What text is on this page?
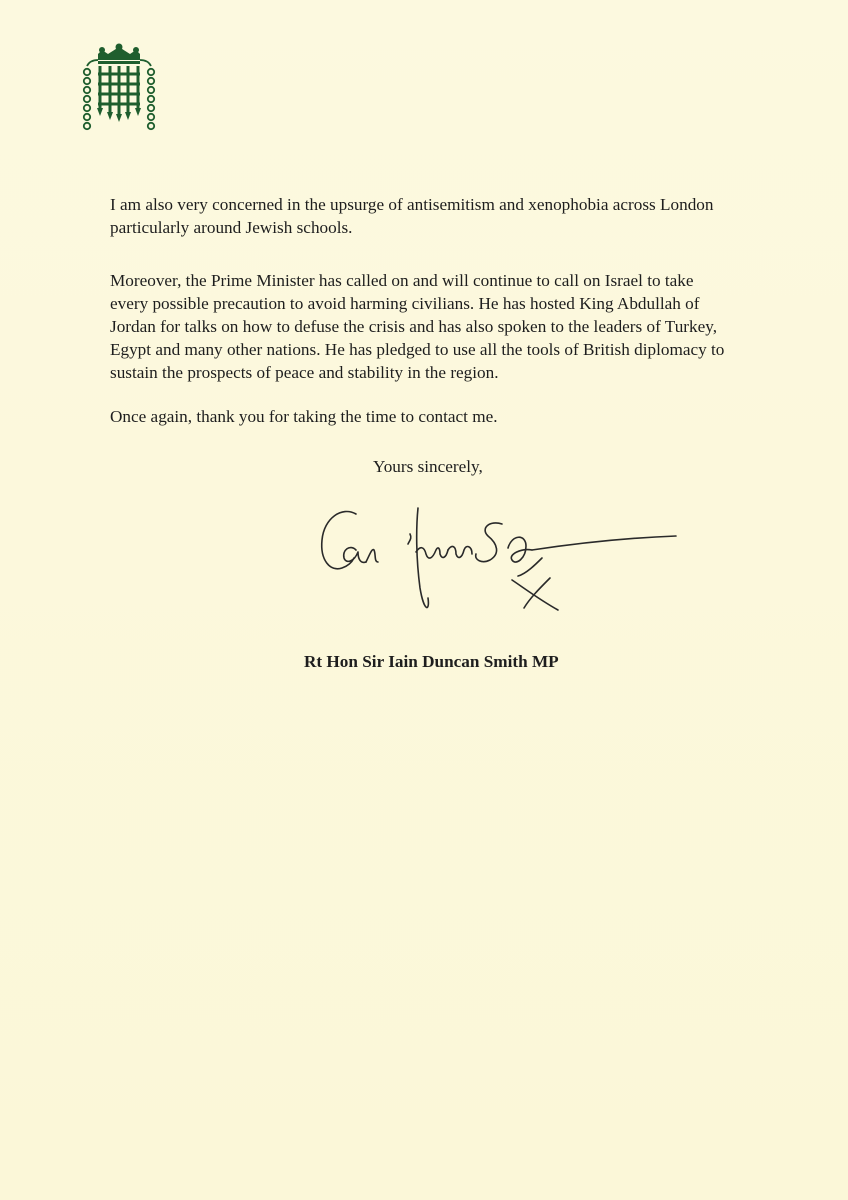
I am also very concerned in the upsurge of antisemitism and xenophobia across London particularly around Jewish schools.

Moreover, the Prime Minister has called on and will continue to call on Israel to take every possible precaution to avoid harming civilians. He has hosted King Abdullah of Jordan for talks on how to defuse the crisis and has also spoken to the leaders of Turkey, Egypt and many other nations. He has pledged to use all the tools of British diplomacy to sustain the prospects of peace and stability in the region.

Once again, thank you for taking the time to contact me.

Yours sincerely,
Rt Hon Sir Iain Duncan Smith MP
